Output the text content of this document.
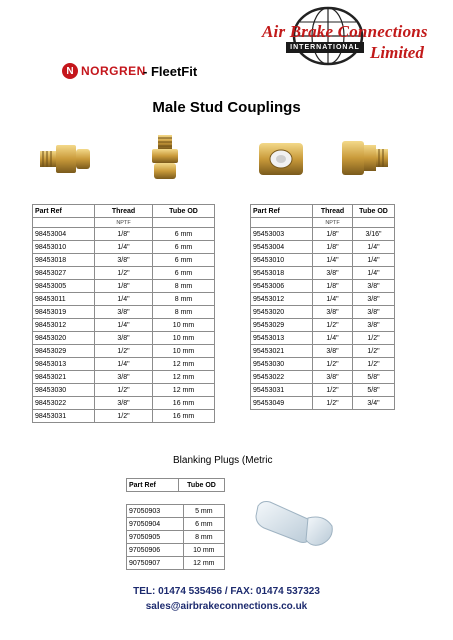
Air Brake Connections
INTERNATIONAL Limited
N NORGREN
- FleetFit
Male Stud Couplings
Part Ref	Thread	Tube OD
	NPTF	
98453004	1/8"	6 mm
98453010	1/4"	6 mm
98453018	3/8"	6 mm
98453027	1/2"	6 mm
98453005	1/8"	8 mm
98453011	1/4"	8 mm
98453019	3/8"	8 mm
98453012	1/4"	10 mm
98453020	3/8"	10 mm
98453029	1/2"	10 mm
98453013	1/4"	12 mm
98453021	3/8"	12 mm
98453030	1/2"	12 mm
98453022	3/8"	16 mm
98453031	1/2"	16 mm
Part Ref	Thread	Tube OD
	NPTF	
95453003	1/8"	3/16"
95453004	1/8"	1/4"
95453010	1/4"	1/4"
95453018	3/8"	1/4"
95453006	1/8"	3/8"
95453012	1/4"	3/8"
95453020	3/8"	3/8"
95453029	1/2"	3/8"
95453013	1/4"	1/2"
95453021	3/8"	1/2"
95453030	1/2"	1/2"
95453022	3/8"	5/8"
95453031	1/2"	5/8"
95453049	1/2"	3/4"
Blanking Plugs (Metric
Part Ref	Tube OD
97050903	5 mm
97050904	6 mm
97050905	8 mm
97050906	10 mm
90750907	12 mm
TEL: 01474 535456 / FAX: 01474 537323
sales@airbrakeconnections.co.uk
